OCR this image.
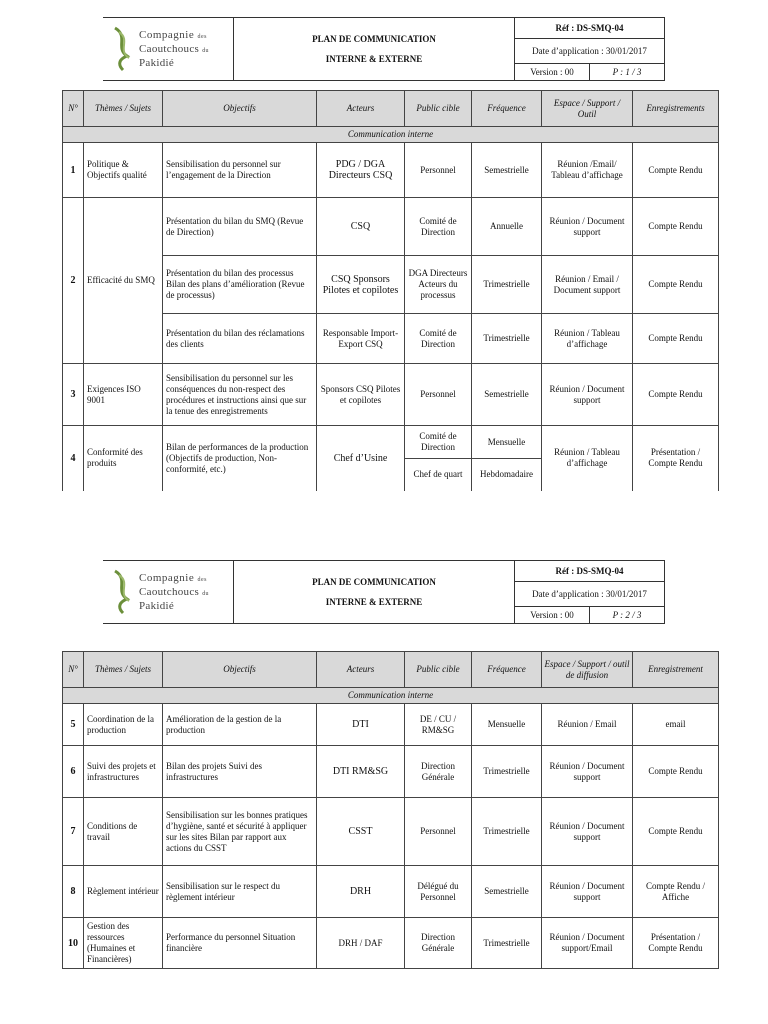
Compagnie des
Caoutchoucs du
Pakidié

PLAN DE COMMUNICATION
INTERNE & EXTERNE
	Réf : DS-SMQ-04
Date d’application : 30/01/2017

Version : 00	P : 1 / 3
N°	Thèmes / Sujets	Objectifs	Acteurs	Public cible	Fréquence	Espace / Support / Outil	Enregistrements
Communication interne							
1	Politique & Objectifs qualité	Sensibilisation du personnel sur l’engagement de la Direction	PDG / DGA Directeurs CSQ	Personnel	Semestrielle	Réunion /Email/ Tableau d’affichage	Compte Rendu
2	Efficacité du SMQ	Présentation du bilan du SMQ (Revue de Direction)	CSQ	Comité de Direction	Annuelle	Réunion / Document support	Compte Rendu
		Présentation du bilan des processus Bilan des plans d’amélioration (Revue de processus)	CSQ Sponsors Pilotes et copilotes	DGA Directeurs Acteurs du processus	Trimestrielle	Réunion / Email / Document support	Compte Rendu
		Présentation du bilan des réclamations des clients	Responsable Import-Export CSQ	Comité de Direction	Trimestrielle	Réunion / Tableau d’affichage	Compte Rendu
3	Exigences ISO 9001	Sensibilisation du personnel sur les conséquences du non-respect des procédures et instructions ainsi que sur la tenue des enregistrements	Sponsors CSQ Pilotes et copilotes	Personnel	Semestrielle	Réunion / Document support	Compte Rendu
4	Conformité des produits	Bilan de performances de la production (Objectifs de production, Non-conformité, etc.)	Chef d’Usine	Comité de Direction	Mensuelle	Réunion / Tableau d’affichage	Présentation / Compte Rendu
				Chef de quart	Hebdomadaire		
Compagnie des
Caoutchoucs du
Pakidié

PLAN DE COMMUNICATION
INTERNE & EXTERNE
	Réf : DS-SMQ-04
Date d’application : 30/01/2017

Version : 00	P : 2 / 3
N°	Thèmes / Sujets	Objectifs	Acteurs	Public cible	Fréquence	Espace / Support / outil de diffusion	Enregistrement
Communication interne							
5	Coordination de la production	Amélioration de la gestion de la production	DTI	DE / CU / RM&SG	Mensuelle	Réunion / Email	email
6	Suivi des projets et infrastructures	Bilan des projets Suivi des infrastructures	DTI RM&SG	Direction Générale	Trimestrielle	Réunion / Document support	Compte Rendu
7	Conditions de travail	Sensibilisation sur les bonnes pratiques d’hygiène, santé et sécurité à appliquer sur les sites Bilan par rapport aux actions du CSST	CSST	Personnel	Trimestrielle	Réunion / Document support	Compte Rendu
8	Règlement intérieur	Sensibilisation sur le respect du règlement intérieur	DRH	Délégué du Personnel	Semestrielle	Réunion / Document support	Compte Rendu / Affiche
10	Gestion des ressources (Humaines et Financières)	Performance du personnel Situation financière	DRH / DAF	Direction Générale	Trimestrielle	Réunion / Document support/Email	Présentation / Compte Rendu
